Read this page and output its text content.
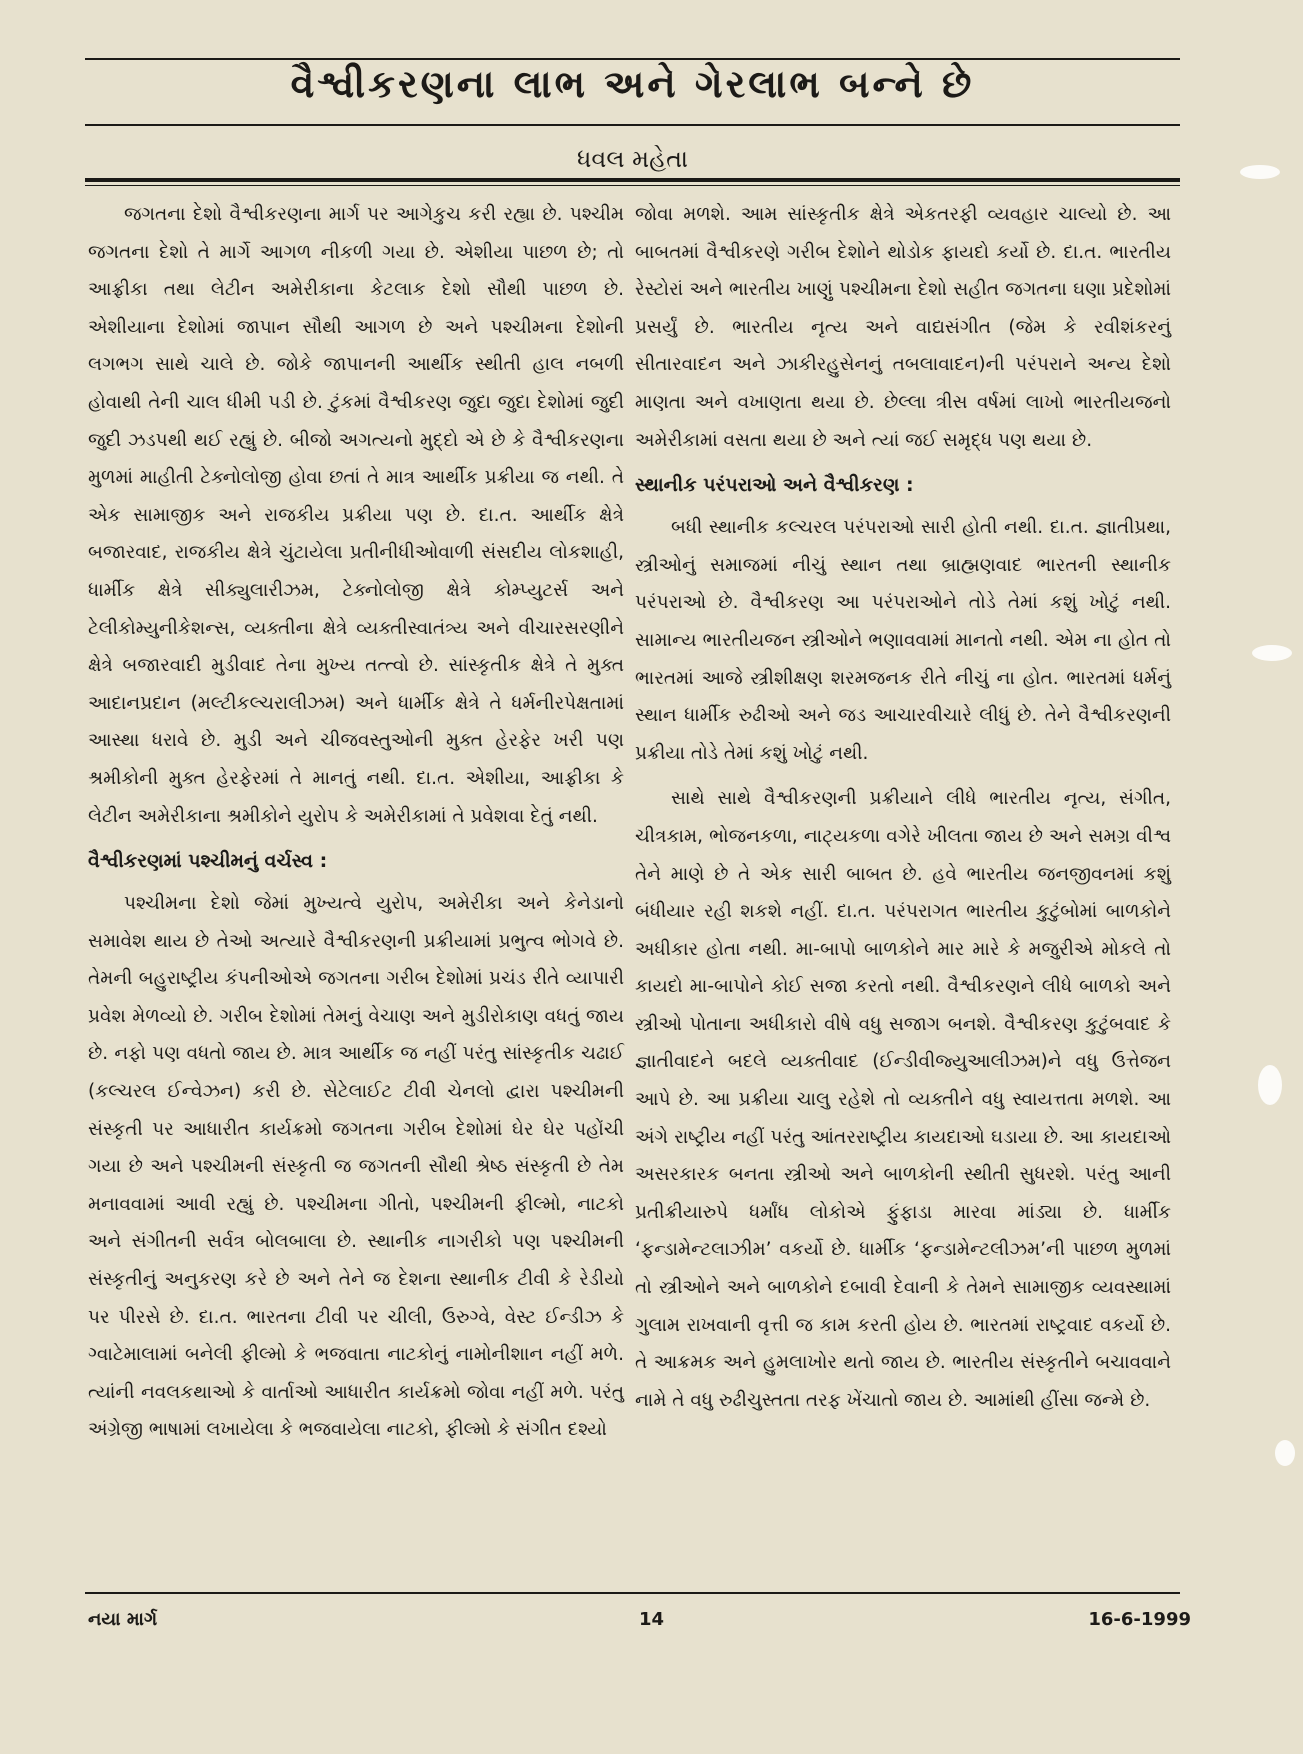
વૈશ્વીકરણના લાભ અને ગેરલાભ બન્ને છે
ધવલ મહેતા

જગતના દેશો વૈશ્વીકરણના માર્ગ પર આગેકુચ કરી રહ્યા છે. પશ્ચીમ જગતના દેશો તે માર્ગે આગળ નીકળી ગયા છે. એશીયા પાછળ છે; તો આફ્રીકા તથા લેટીન અમેરીકાના કેટલાક દેશો સૌથી પાછળ છે. એશીયાના દેશોમાં જાપાન સૌથી આગળ છે અને પશ્ચીમના દેશોની લગભગ સાથે ચાલે છે. જોકે જાપાનની આર્થીક સ્થીતી હાલ નબળી હોવાથી તેની ચાલ ધીમી પડી છે. ટુંકમાં વૈશ્વીકરણ જુદા જુદા દેશોમાં જુદી જુદી ઝડપથી થઈ રહ્યું છે. બીજો અગત્યનો મુદ્દો એ છે કે વૈશ્વીકરણના મુળમાં માહીતી ટેક્નોલોજી હોવા છતાં તે માત્ર આર્થીક પ્રક્રીયા જ નથી. તે એક સામાજીક અને રાજકીય પ્રક્રીયા પણ છે. દા.ત. આર્થીક ક્ષેત્રે બજારવાદ, રાજકીય ક્ષેત્રે ચુંટાયેલા પ્રતીનીધીઓવાળી સંસદીય લોકશાહી, ધાર્મીક ક્ષેત્રે સીક્યુલારીઝમ, ટેક્નોલોજી ક્ષેત્રે કોમ્પ્યુટર્સ અને ટેલીકોમ્યુનીકેશન્સ, વ્યક્તીના ક્ષેત્રે વ્યક્તીસ્વાતંત્ર્ય અને વીચારસરણીને ક્ષેત્રે બજારવાદી મુડીવાદ તેના મુખ્ય તત્ત્વો છે. સાંસ્કૃતીક ક્ષેત્રે તે મુક્ત આદાનપ્રદાન (મલ્ટીકલ્ચરાલીઝમ) અને ધાર્મીક ક્ષેત્રે તે ધર્મનીરપેક્ષતામાં આસ્થા ધરાવે છે. મુડી અને ચીજવસ્તુઓની મુક્ત હેરફેર ખરી પણ શ્રમીકોની મુક્ત હેરફેરમાં તે માનતું નથી. દા.ત. એશીયા, આફ્રીકા કે લેટીન અમેરીકાના શ્રમીકોને યુરોપ કે અમેરીકામાં તે પ્રવેશવા દેતું નથી.

વૈશ્વીકરણમાં પશ્ચીમનું વર્ચસ્વ :

પશ્ચીમના દેશો જેમાં મુખ્યત્વે યુરોપ, અમેરીકા અને કેનેડાનો સમાવેશ થાય છે તેઓ અત્યારે વૈશ્વીકરણની પ્રક્રીયામાં પ્રભુત્વ ભોગવે છે. તેમની બહુરાષ્ટ્રીય કંપનીઓએ જગતના ગરીબ દેશોમાં પ્રચંડ રીતે વ્યાપારી પ્રવેશ મેળવ્યો છે. ગરીબ દેશોમાં તેમનું વેચાણ અને મુડીરોકાણ વધતું જાય છે. નફો પણ વધતો જાય છે. માત્ર આર્થીક જ નહીં પરંતુ સાંસ્કૃતીક ચઢાઈ (કલ્ચરલ ઈન્વેઝન) કરી છે. સેટેલાઈટ ટીવી ચેનલો દ્વારા પશ્ચીમની સંસ્કૃતી પર આધારીત કાર્યક્રમો જગતના ગરીબ દેશોમાં ઘેર ઘેર પહોંચી ગયા છે અને પશ્ચીમની સંસ્કૃતી જ જગતની સૌથી શ્રેષ્ઠ સંસ્કૃતી છે તેમ મનાવવામાં આવી રહ્યું છે. પશ્ચીમના ગીતો, પશ્ચીમની ફીલ્મો, નાટકો અને સંગીતની સર્વત્ર બોલબાલા છે. સ્થાનીક નાગરીકો પણ પશ્ચીમની સંસ્કૃતીનું અનુકરણ કરે છે અને તેને જ દેશના સ્થાનીક ટીવી કે રેડીયો પર પીરસે છે. દા.ત. ભારતના ટીવી પર ચીલી, ઉરુગ્વે, વેસ્ટ ઈન્ડીઝ કે ગ્વાટેમાલામાં બનેલી ફીલ્મો કે ભજવાતા નાટકોનું નામોનીશાન નહીં મળે. ત્યાંની નવલકથાઓ કે વાર્તાઓ આધારીત કાર્યક્રમો જોવા નહીં મળે. પરંતુ અંગ્રેજી ભાષામાં લખાયેલા કે ભજવાયેલા નાટકો, ફીલ્મો કે સંગીત દશ્યો

જોવા મળશે. આમ સાંસ્કૃતીક ક્ષેત્રે એકતરફી વ્યવહાર ચાલ્યો છે. આ બાબતમાં વૈશ્વીકરણે ગરીબ દેશોને થોડોક ફાયદો કર્યો છે. દા.ત. ભારતીય રેસ્ટોરાં અને ભારતીય ખાણું પશ્ચીમના દેશો સહીત જગતના ઘણા પ્રદેશોમાં પ્રસર્યું છે. ભારતીય નૃત્ય અને વાદ્યસંગીત (જેમ કે રવીશંકરનું સીતારવાદન અને ઝાકીરહુસેનનું તબલાવાદન)ની પરંપરાને અન્ય દેશો માણતા અને વખાણતા થયા છે. છેલ્લા ત્રીસ વર્ષમાં લાખો ભારતીયજનો અમેરીકામાં વસતા થયા છે અને ત્યાં જઈ સમૃદ્ધ પણ થયા છે.

સ્થાનીક પરંપરાઓ અને વૈશ્વીકરણ :

બધી સ્થાનીક કલ્ચરલ પરંપરાઓ સારી હોતી નથી. દા.ત. જ્ઞાતીપ્રથા, સ્ત્રીઓનું સમાજમાં નીચું સ્થાન તથા બ્રાહ્મણવાદ ભારતની સ્થાનીક પરંપરાઓ છે. વૈશ્વીકરણ આ પરંપરાઓને તોડે તેમાં કશું ખોટું નથી. સામાન્ય ભારતીયજન સ્ત્રીઓને ભણાવવામાં માનતો નથી. એમ ના હોત તો ભારતમાં આજે સ્ત્રીશીક્ષણ શરમજનક રીતે નીચું ના હોત. ભારતમાં ધર્મનું સ્થાન ધાર્મીક રુઢીઓ અને જડ આચારવીચારે લીધું છે. તેને વૈશ્વીકરણની પ્રક્રીયા તોડે તેમાં કશું ખોટું નથી.

સાથે સાથે વૈશ્વીકરણની પ્રક્રીયાને લીધે ભારતીય નૃત્ય, સંગીત, ચીત્રકામ, ભોજનકળા, નાટ્યકળા વગેરે ખીલતા જાય છે અને સમગ્ર વીશ્વ તેને માણે છે તે એક સારી બાબત છે. હવે ભારતીય જનજીવનમાં કશું બંધીયાર રહી શકશે નહીં. દા.ત. પરંપરાગત ભારતીય કુટુંબોમાં બાળકોને અધીકાર હોતા નથી. મા-બાપો બાળકોને માર મારે કે મજુરીએ મોકલે તો કાયદો મા-બાપોને કોઈ સજા કરતો નથી. વૈશ્વીકરણને લીધે બાળકો અને સ્ત્રીઓ પોતાના અધીકારો વીષે વધુ સજાગ બનશે. વૈશ્વીકરણ કુટુંબવાદ કે જ્ઞાતીવાદને બદલે વ્યક્તીવાદ (ઈન્ડીવીજ્યુઆલીઝમ)ને વધુ ઉત્તેજન આપે છે. આ પ્રક્રીયા ચાલુ રહેશે તો વ્યક્તીને વધુ સ્વાયત્તતા મળશે. આ અંગે રાષ્ટ્રીય નહીં પરંતુ આંતરરાષ્ટ્રીય કાયદાઓ ઘડાયા છે. આ કાયદાઓ અસરકારક બનતા સ્ત્રીઓ અને બાળકોની સ્થીતી સુધરશે. પરંતુ આની પ્રતીક્રીયારુપે ધર્માંધ લોકોએ ફુંફાડા મારવા માંડ્યા છે. ધાર્મીક ‘ફન્ડામેન્ટલાઝીમ’ વકર્યો છે. ધાર્મીક ‘ફન્ડામેન્ટલીઝમ’ની પાછળ મુળમાં તો સ્ત્રીઓને અને બાળકોને દબાવી દેવાની કે તેમને સામાજીક વ્યવસ્થામાં ગુલામ રાખવાની વૃત્તી જ કામ કરતી હોય છે. ભારતમાં રાષ્ટ્રવાદ વકર્યો છે. તે આક્રમક અને હુમલાખોર થતો જાય છે. ભારતીય સંસ્કૃતીને બચાવવાને નામે તે વધુ રુઢીચુસ્તતા તરફ ખેંચાતો જાય છે. આમાંથી હીંસા જન્મે છે.

નયા માર્ગ	14	16-6-1999
